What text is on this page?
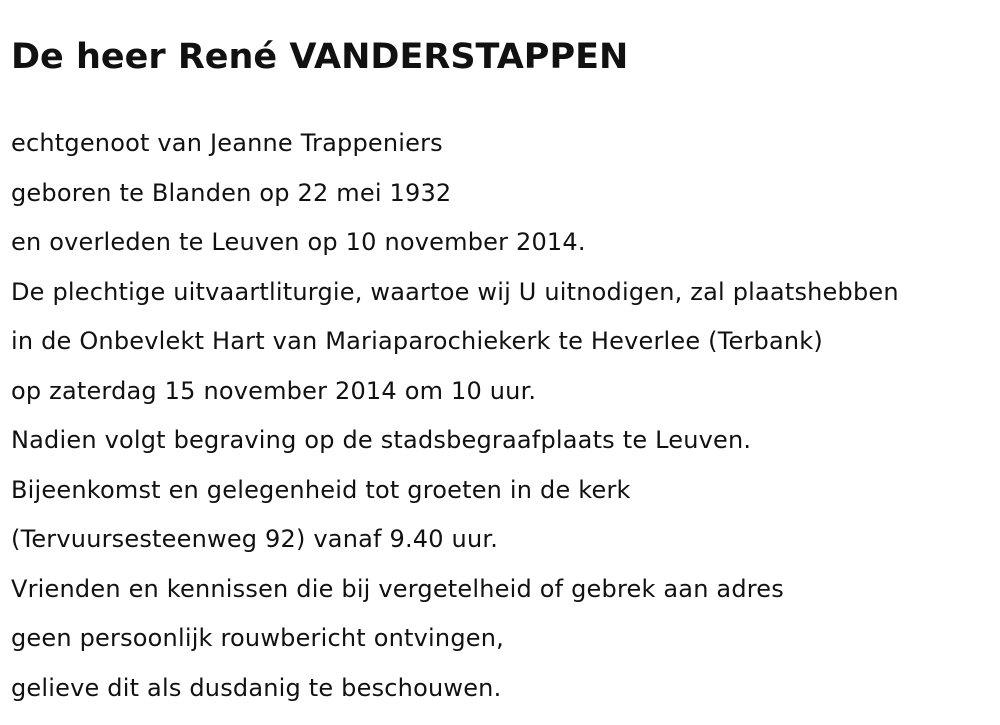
De heer René VANDERSTAPPEN
echtgenoot van Jeanne Trappeniers
geboren te Blanden op 22 mei 1932
en overleden te Leuven op 10 november 2014.
De plechtige uitvaartliturgie, waartoe wij U uitnodigen, zal plaatshebben
in de Onbevlekt Hart van Mariaparochiekerk te Heverlee (Terbank)
op zaterdag 15 november 2014 om 10 uur.
Nadien volgt begraving op de stadsbegraafplaats te Leuven.
Bijeenkomst en gelegenheid tot groeten in de kerk
(Tervuursesteenweg 92) vanaf 9.40 uur.
Vrienden en kennissen die bij vergetelheid of gebrek aan adres
geen persoonlijk rouwbericht ontvingen,
gelieve dit als dusdanig te beschouwen.
